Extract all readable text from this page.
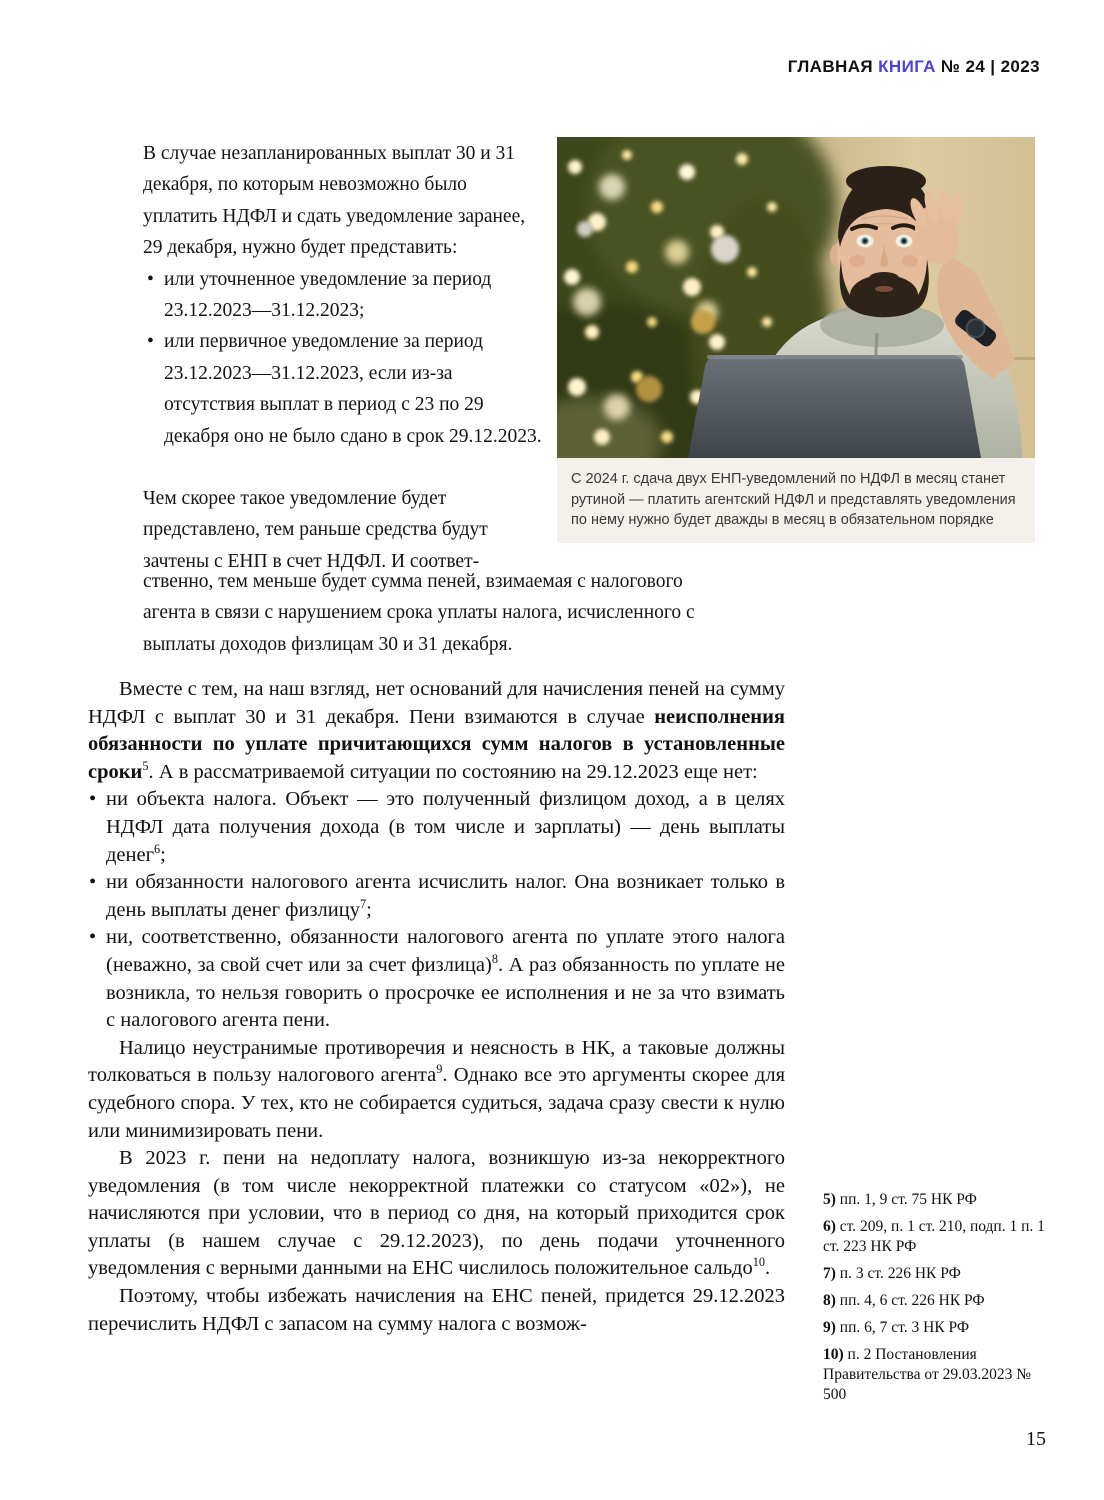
ГЛАВНАЯ КНИГА № 24 | 2023

В случае незапланированных выплат 30 и 31 декабря, по которым невозможно было уплатить НДФЛ и сдать уведомление заранее, 29 декабря, нужно будет представить:

• или уточненное уведомление за период 23.12.2023—31.12.2023;

• или первичное уведомление за период 23.12.2023—31.12.2023, если из-за отсутствия выплат в период с 23 по 29 декабря оно не было сдано в срок 29.12.2023.

Чем скорее такое уведомление будет представлено, тем раньше средства будут зачтены с ЕНП в счет НДФЛ. И соответ-

ственно, тем меньше будет сумма пеней, взимаемая с налогового агента в связи с нарушением срока уплаты налога, исчисленного с выплаты доходов физлицам 30 и 31 декабря.
С 2024 г. сдача двух ЕНП-уведомлений по НДФЛ в месяц станет рутиной — платить агентский НДФЛ и представлять уведомления по нему нужно будет дважды в месяц в обязательном порядке

Вместе с тем, на наш взгляд, нет оснований для начисления пеней на сумму НДФЛ с выплат 30 и 31 декабря. Пени взимаются в случае неисполнения обязанности по уплате причитающихся сумм налогов в установленные сроки$^5$. А в рассматриваемой ситуации по состоянию на 29.12.2023 еще нет:

• ни объекта налога. Объект — это полученный физлицом доход, а в целях НДФЛ дата получения дохода (в том числе и зарплаты) — день выплаты денег$^6$;

• ни обязанности налогового агента исчислить налог. Она возникает только в день выплаты денег физлицу$^7$;

• ни, соответственно, обязанности налогового агента по уплате этого налога (неважно, за свой счет или за счет физлица)$^8$. А раз обязанность по уплате не возникла, то нельзя говорить о просрочке ее исполнения и не за что взимать с налогового агента пени.

Налицо неустранимые противоречия и неясность в НК, а таковые должны толковаться в пользу налогового агента$^9$. Однако все это аргументы скорее для судебного спора. У тех, кто не собирается судиться, задача сразу свести к нулю или минимизировать пени.

В 2023 г. пени на недоплату налога, возникшую из-за некорректного уведомления (в том числе некорректной платежки со статусом «02»), не начисляются при условии, что в период со дня, на который приходится срок уплаты (в нашем случае с 29.12.2023), по день подачи уточненного уведомления с верными данными на ЕНС числилось положительное сальдо$^{10}$.

Поэтому, чтобы избежать начисления на ЕНС пеней, придется 29.12.2023 перечислить НДФЛ с запасом на сумму налога с возмож-

5) пп. 1, 9 ст. 75 НК РФ

6) ст. 209, п. 1 ст. 210, подп. 1 п. 1 ст. 223 НК РФ

7) п. 3 ст. 226 НК РФ

8) пп. 4, 6 ст. 226 НК РФ

9) пп. 6, 7 ст. 3 НК РФ

10) п. 2 Постановления Правительства от 29.03.2023 № 500

15
